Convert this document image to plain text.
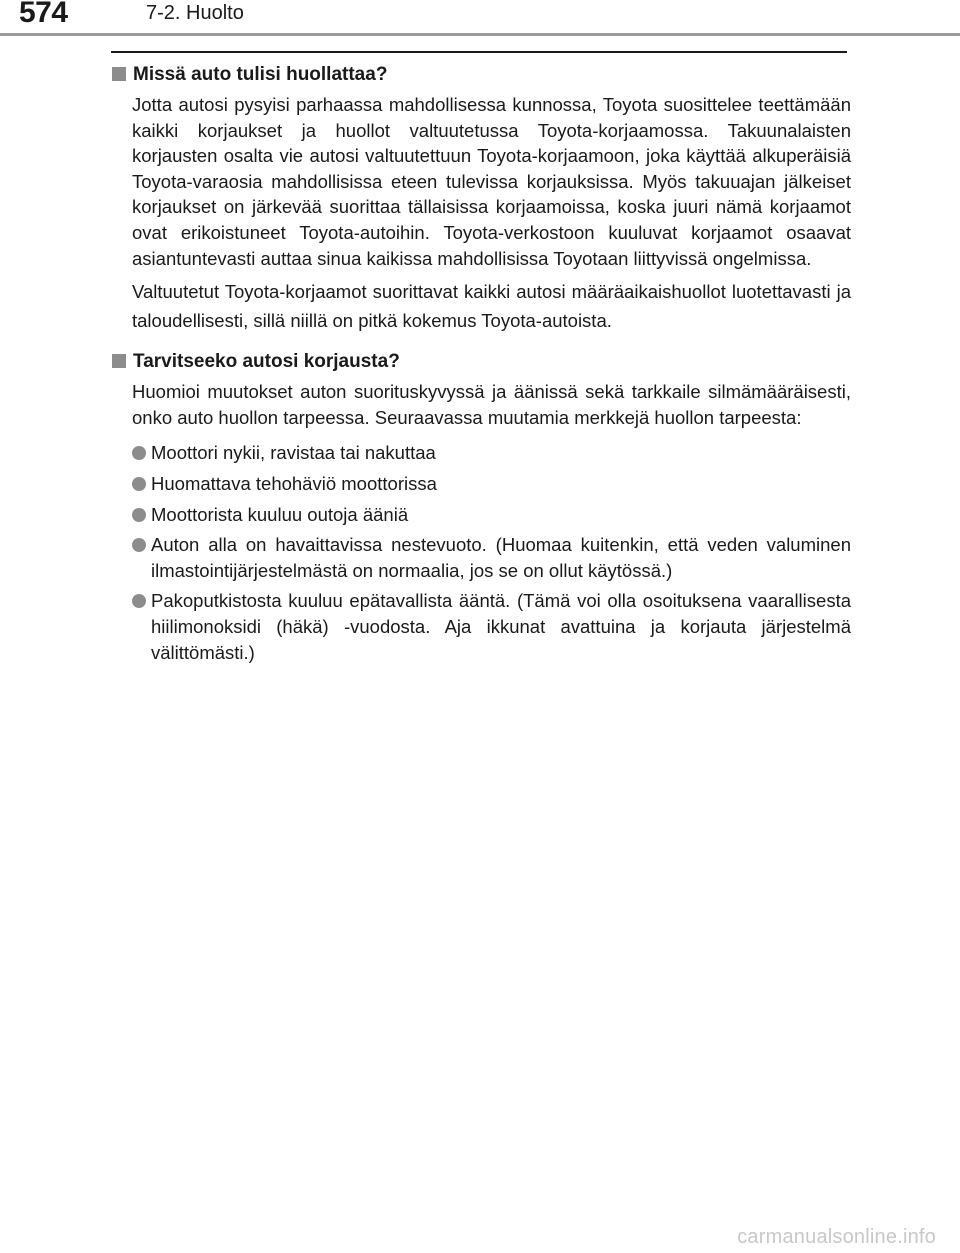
574	7-2. Huolto
Missä auto tulisi huollattaa?

Jotta autosi pysyisi parhaassa mahdollisessa kunnossa, Toyota suosittelee teettämään kaikki korjaukset ja huollot valtuutetussa Toyota-korjaamossa. Takuunalaisten korjausten osalta vie autosi valtuutettuun Toyota-korjaamoon, joka käyttää alkuperäisiä Toyota-varaosia mahdollisissa eteen tulevissa korjauksissa. Myös takuuajan jälkeiset korjaukset on järkevää suorittaa tällaisissa korjaamoissa, koska juuri nämä korjaamot ovat erikoistuneet Toyota-autoihin. Toyota-verkostoon kuuluvat korjaamot osaavat asiantuntevasti auttaa sinua kaikissa mahdollisissa Toyotaan liittyvissä ongelmissa.

Valtuutetut Toyota-korjaamot suorittavat kaikki autosi määräaikaishuollot luotettavasti ja taloudellisesti, sillä niillä on pitkä kokemus Toyota-autoista.

Tarvitseeko autosi korjausta?

Huomioi muutokset auton suorituskyvyssä ja äänissä sekä tarkkaile silmämääräisesti, onko auto huollon tarpeessa. Seuraavassa muutamia merkkejä huollon tarpeesta:

Moottori nykii, ravistaa tai nakuttaa
Huomattava tehohäviö moottorissa
Moottorista kuuluu outoja ääniä
Auton alla on havaittavissa nestevuoto. (Huomaa kuitenkin, että veden valuminen ilmastointijärjestelmästä on normaalia, jos se on ollut käytössä.)
Pakoputkistosta kuuluu epätavallista ääntä. (Tämä voi olla osoituksena vaarallisesta hiilimonoksidi (häkä) -vuodosta. Aja ikkunat avattuina ja korjauta järjestelmä välittömästi.)
carmanualsonline.info
